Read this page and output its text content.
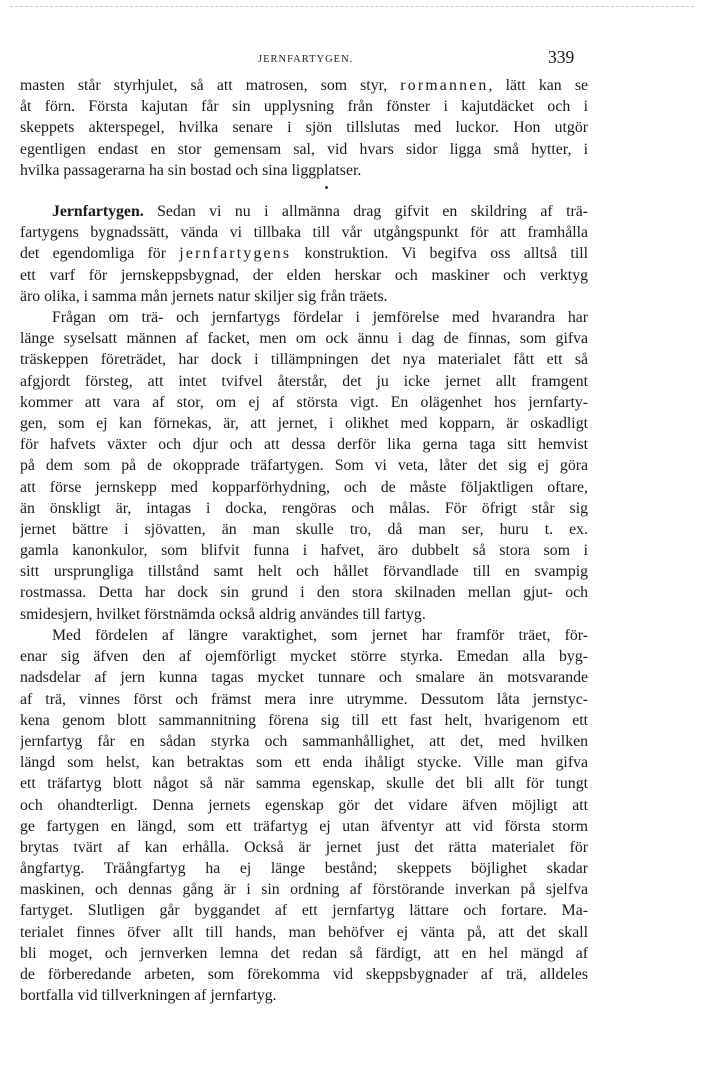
JERNFARTYGEN.	339
masten står styrhjulet, så att matrosen, som styr, rormannen, lätt kan se
åt förn. Första kajutan får sin upplysning från fönster i kajutdäcket och i
skeppets akterspegel, hvilka senare i sjön tillslutas med luckor. Hon utgör
egentligen endast en stor gemensam sal, vid hvars sidor ligga små hytter, i
hvilka passagerarna ha sin bostad och sina liggplatser.
Jernfartygen. Sedan vi nu i allmänna drag gifvit en skildring af trä-
fartygens bygnadssätt, vända vi tillbaka till vår utgångspunkt för att framhålla
det egendomliga för jernfartygens konstruktion. Vi begifva oss alltså till
ett varf för jernskeppsbygnad, der elden herskar och maskiner och verktyg
äro olika, i samma mån jernets natur skiljer sig från träets.
Frågan om trä- och jernfartygs fördelar i jemförelse med hvarandra har
länge syselsatt männen af facket, men om ock ännu i dag de finnas, som gifva
träskeppen företrädet, har dock i tillämpningen det nya materialet fått ett så
afgjordt försteg, att intet tvifvel återstår, det ju icke jernet allt framgent
kommer att vara af stor, om ej af största vigt. En olägenhet hos jernfarty-
gen, som ej kan förnekas, är, att jernet, i olikhet med kopparn, är oskadligt
för hafvets växter och djur och att dessa derför lika gerna taga sitt hemvist
på dem som på de okopprade träfartygen. Som vi veta, låter det sig ej göra
att förse jernskepp med kopparförhydning, och de måste följaktligen oftare,
än önskligt är, intagas i docka, rengöras och målas. För öfrigt står sig
jernet bättre i sjövatten, än man skulle tro, då man ser, huru t. ex.
gamla kanonkulor, som blifvit funna i hafvet, äro dubbelt så stora som i
sitt ursprungliga tillstånd samt helt och hållet förvandlade till en svampig
rostmassa. Detta har dock sin grund i den stora skilnaden mellan gjut- och
smidesjern, hvilket förstnämda också aldrig användes till fartyg.
Med fördelen af längre varaktighet, som jernet har framför träet, för-
enar sig äfven den af ojemförligt mycket större styrka. Emedan alla byg-
nadsdelar af jern kunna tagas mycket tunnare och smalare än motsvarande
af trä, vinnes först och främst mera inre utrymme. Dessutom låta jernstyc-
kena genom blott sammannitning förena sig till ett fast helt, hvarigenom ett
jernfartyg får en sådan styrka och sammanhållighet, att det, med hvilken
längd som helst, kan betraktas som ett enda ihåligt stycke. Ville man gifva
ett träfartyg blott något så när samma egenskap, skulle det bli allt för tungt
och ohandterligt. Denna jernets egenskap gör det vidare äfven möjligt att
ge fartygen en längd, som ett träfartyg ej utan äfventyr att vid första storm
brytas tvärt af kan erhålla. Också är jernet just det rätta materialet för
ångfartyg. Träångfartyg ha ej länge bestånd; skeppets böjlighet skadar
maskinen, och dennas gång är i sin ordning af förstörande inverkan på sjelfva
fartyget. Slutligen går byggandet af ett jernfartyg lättare och fortare. Ma-
terialet finnes öfver allt till hands, man behöfver ej vänta på, att det skall
bli moget, och jernverken lemna det redan så färdigt, att en hel mängd af
de förberedande arbeten, som förekomma vid skeppsbygnader af trä, alldeles
bortfalla vid tillverkningen af jernfartyg.
